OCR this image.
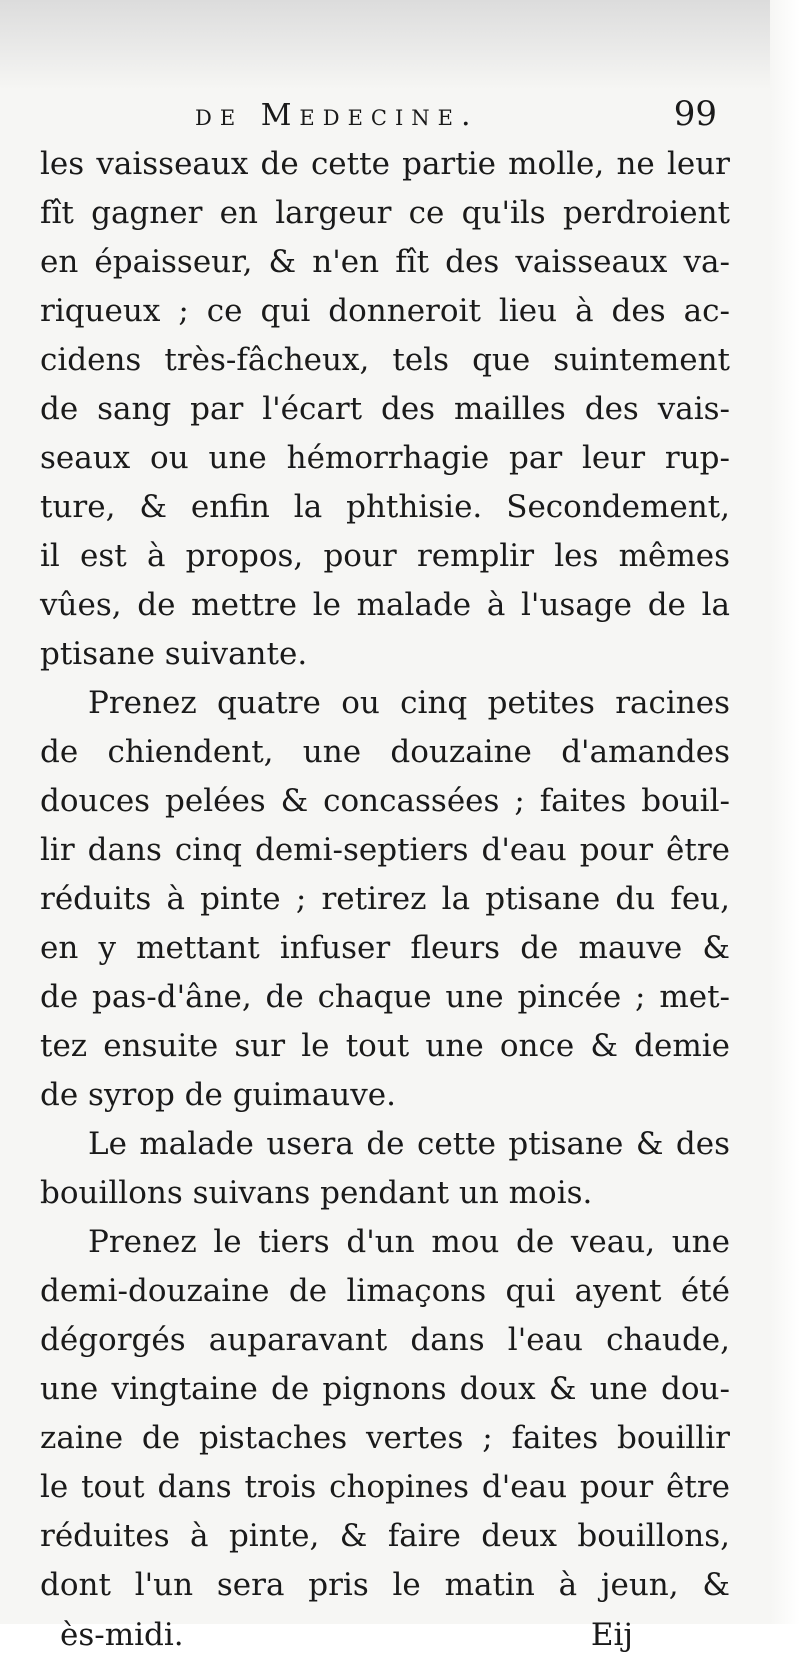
de Medecine.	99
les vaisseaux de cette partie molle, ne leur
fît gagner en largeur ce qu'ils perdroient
en épaisseur, & n'en fît des vaisseaux va-
riqueux ; ce qui donneroit lieu à des ac-
cidens très-fâcheux, tels que suintement
de sang par l'écart des mailles des vais-
seaux ou une hémorrhagie par leur rup-
ture, & enfin la phthisie. Secondement,
il est à propos, pour remplir les mêmes
vûes, de mettre le malade à l'usage de la
ptisane suivante.
Prenez quatre ou cinq petites racines
de chiendent, une douzaine d'amandes
douces pelées & concassées ; faites bouil-
lir dans cinq demi-septiers d'eau pour être
réduits à pinte ; retirez la ptisane du feu,
en y mettant infuser fleurs de mauve &
de pas-d'âne, de chaque une pincée ; met-
tez ensuite sur le tout une once & demie
de syrop de guimauve.
Le malade usera de cette ptisane & des
bouillons suivans pendant un mois.
Prenez le tiers d'un mou de veau, une
demi-douzaine de limaçons qui ayent été
dégorgés auparavant dans l'eau chaude,
une vingtaine de pignons doux & une dou-
zaine de pistaches vertes ; faites bouillir
le tout dans trois chopines d'eau pour être
réduites à pinte, & faire deux bouillons,
dont l'un sera pris le matin à jeun, &
ès-midi.	Eij
